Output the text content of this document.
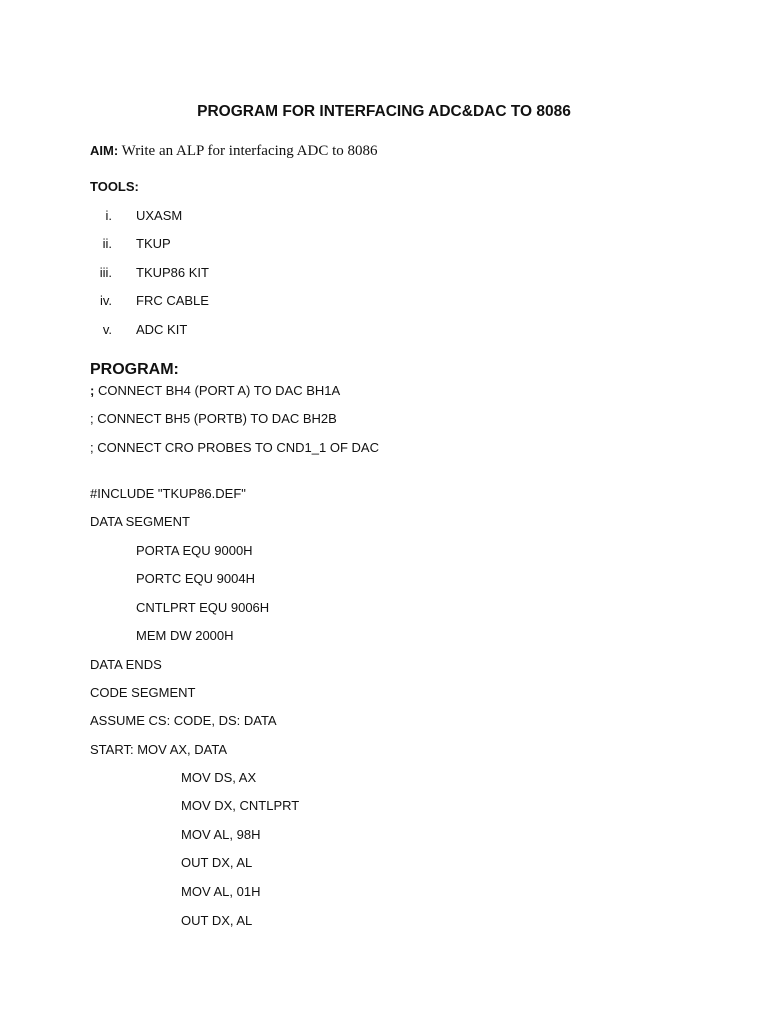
PROGRAM FOR INTERFACING ADC&DAC TO 8086
AIM: Write an ALP for interfacing ADC to 8086
TOOLS:
i. UXASM
ii. TKUP
iii. TKUP86 KIT
iv. FRC CABLE
v. ADC KIT
PROGRAM:
; CONNECT BH4 (PORT A) TO DAC BH1A
; CONNECT BH5 (PORTB) TO DAC BH2B
; CONNECT CRO PROBES TO CND1_1 OF DAC
#INCLUDE "TKUP86.DEF"
DATA SEGMENT
PORTA EQU 9000H
PORTC EQU 9004H
CNTLPRT EQU 9006H
MEM DW 2000H
DATA ENDS
CODE SEGMENT
ASSUME CS: CODE, DS: DATA
START: MOV AX, DATA
MOV DS, AX
MOV DX, CNTLPRT
MOV AL, 98H
OUT DX, AL
MOV AL, 01H
OUT DX, AL
